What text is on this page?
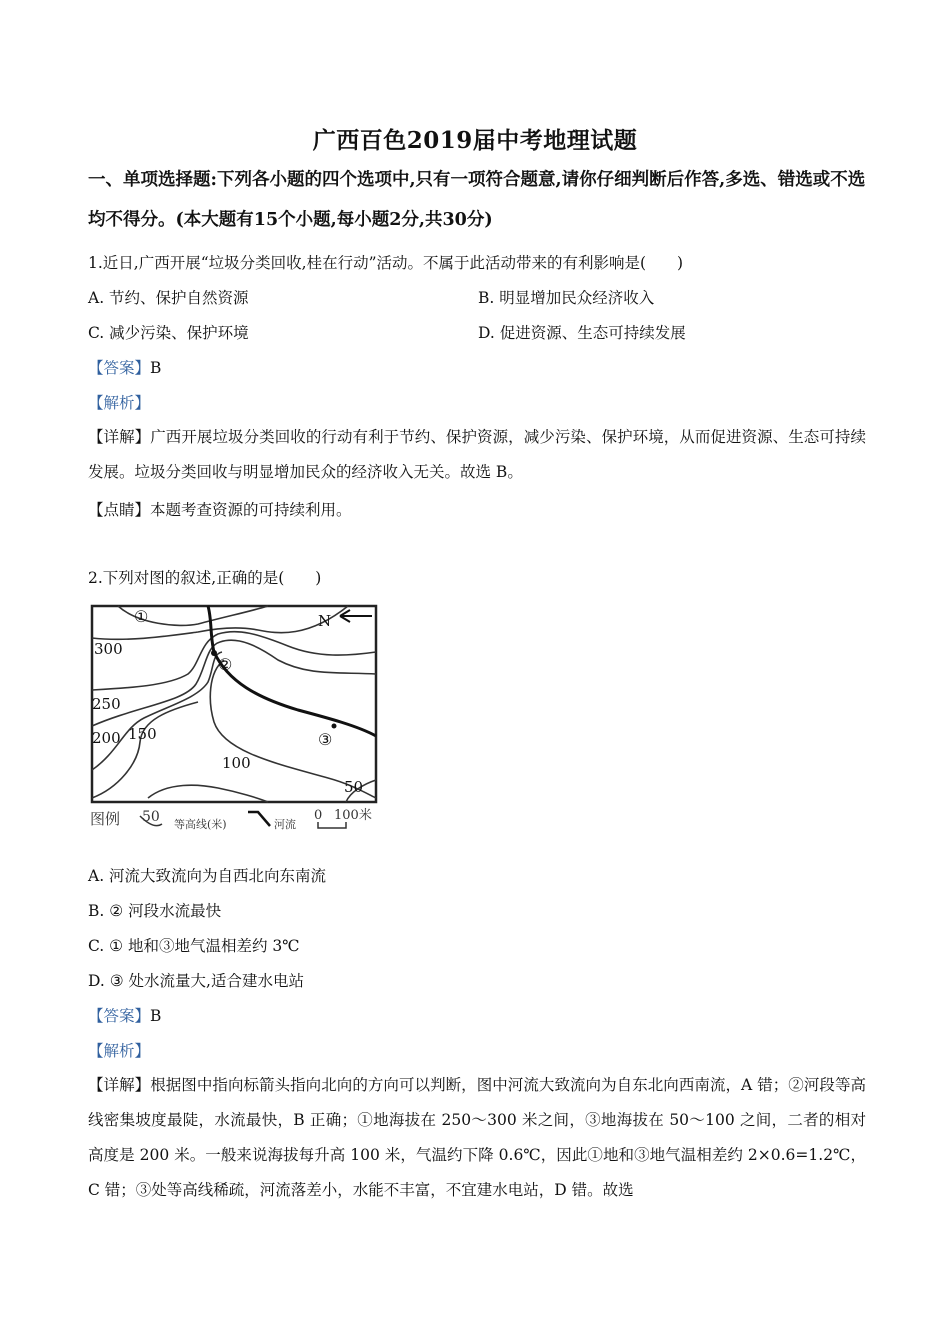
广西百色2019届中考地理试题
一、单项选择题:下列各小题的四个选项中,只有一项符合题意,请你仔细判断后作答,多选、错选或不选均不得分。(本大题有15个小题,每小题2分,共30分)
1.近日,广西开展“垃圾分类回收,桂在行动”活动。不属于此活动带来的有利影响是(　　)
A. 节约、保护自然资源	B. 明显增加民众经济收入
C. 减少污染、保护环境	D. 促进资源、生态可持续发展
【答案】B
【解析】
【详解】广西开展垃圾分类回收的行动有利于节约、保护资源，减少污染、保护环境，从而促进资源、生态可持续发展。垃圾分类回收与明显增加民众的经济收入无关。故选 B。
【点睛】本题考查资源的可持续利用。
2.下列对图的叙述,正确的是(　　)
N
①
②
③
300
250
200 150
100
50
图例 50 等高线(米)	河流
0 100米
A. 河流大致流向为自西北向东南流
B. ② 河段水流最快
C. ① 地和③地气温相差约 3℃
D. ③ 处水流量大,适合建水电站
【答案】B
【解析】
【详解】根据图中指向标箭头指向北向的方向可以判断，图中河流大致流向为自东北向西南流，A 错；②河段等高线密集坡度最陡，水流最快，B 正确；①地海拔在 250～300 米之间，③地海拔在 50～100 之间，二者的相对高度是 200 米。一般来说海拔每升高 100 米，气温约下降 0.6℃，因此①地和③地气温相差约 2×0.6=1.2℃，C 错；③处等高线稀疏，河流落差小，水能不丰富，不宜建水电站，D 错。故选
